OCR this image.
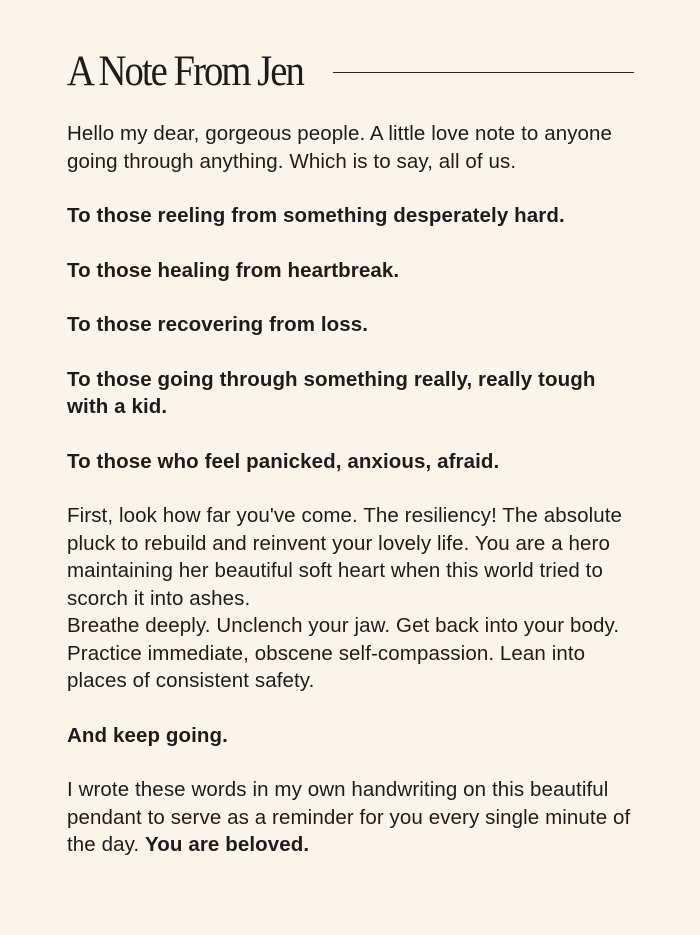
A Note From Jen

Hello my dear, gorgeous people. A little love note to anyone going through anything. Which is to say, all of us.

To those reeling from something desperately hard.

To those healing from heartbreak.

To those recovering from loss.

To those going through something really, really tough with a kid.

To those who feel panicked, anxious, afraid.

First, look how far you've come. The resiliency! The absolute pluck to rebuild and reinvent your lovely life. You are a hero maintaining her beautiful soft heart when this world tried to scorch it into ashes.

Breathe deeply. Unclench your jaw. Get back into your body. Practice immediate, obscene self-compassion. Lean into places of consistent safety.

And keep going.

I wrote these words in my own handwriting on this beautiful pendant to serve as a reminder for you every single minute of the day. You are beloved.
